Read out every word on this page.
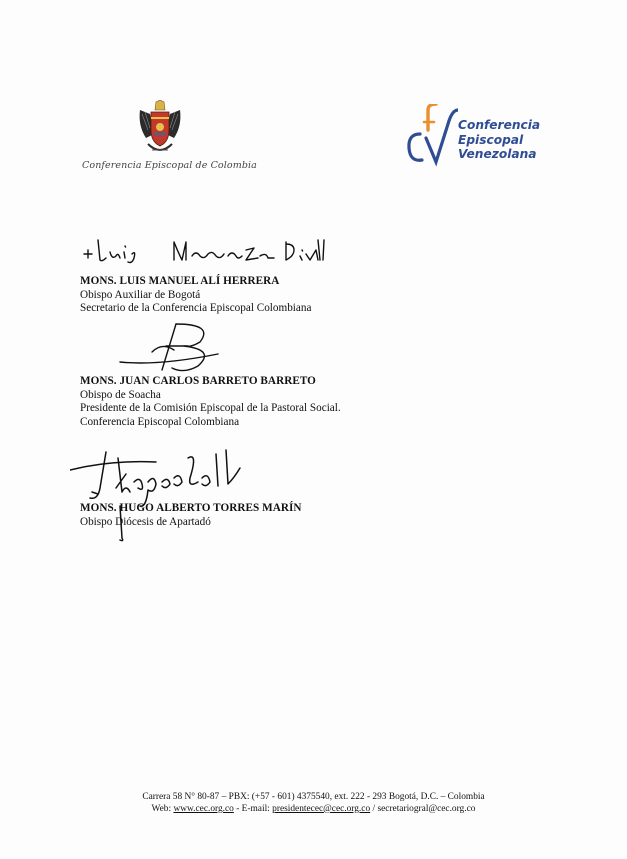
Conferencia Episcopal de Colombia
Conferencia
Episcopal
Venezolana
MONS. LUIS MANUEL ALÍ HERRERA
Obispo Auxiliar de Bogotá
Secretario de la Conferencia Episcopal Colombiana
MONS. JUAN CARLOS BARRETO BARRETO
Obispo de Soacha
Presidente de la Comisión Episcopal de la Pastoral Social.
Conferencia Episcopal Colombiana
MONS. HUGO ALBERTO TORRES MARÍN
Obispo Diócesis de Apartadó
Carrera 58 N° 80-87 – PBX: (+57 - 601) 4375540, ext. 222 - 293 Bogotá, D.C. – Colombia
Web: www.cec.org.co - E-mail: presidentecec@cec.org.co / secretariogral@cec.org.co
